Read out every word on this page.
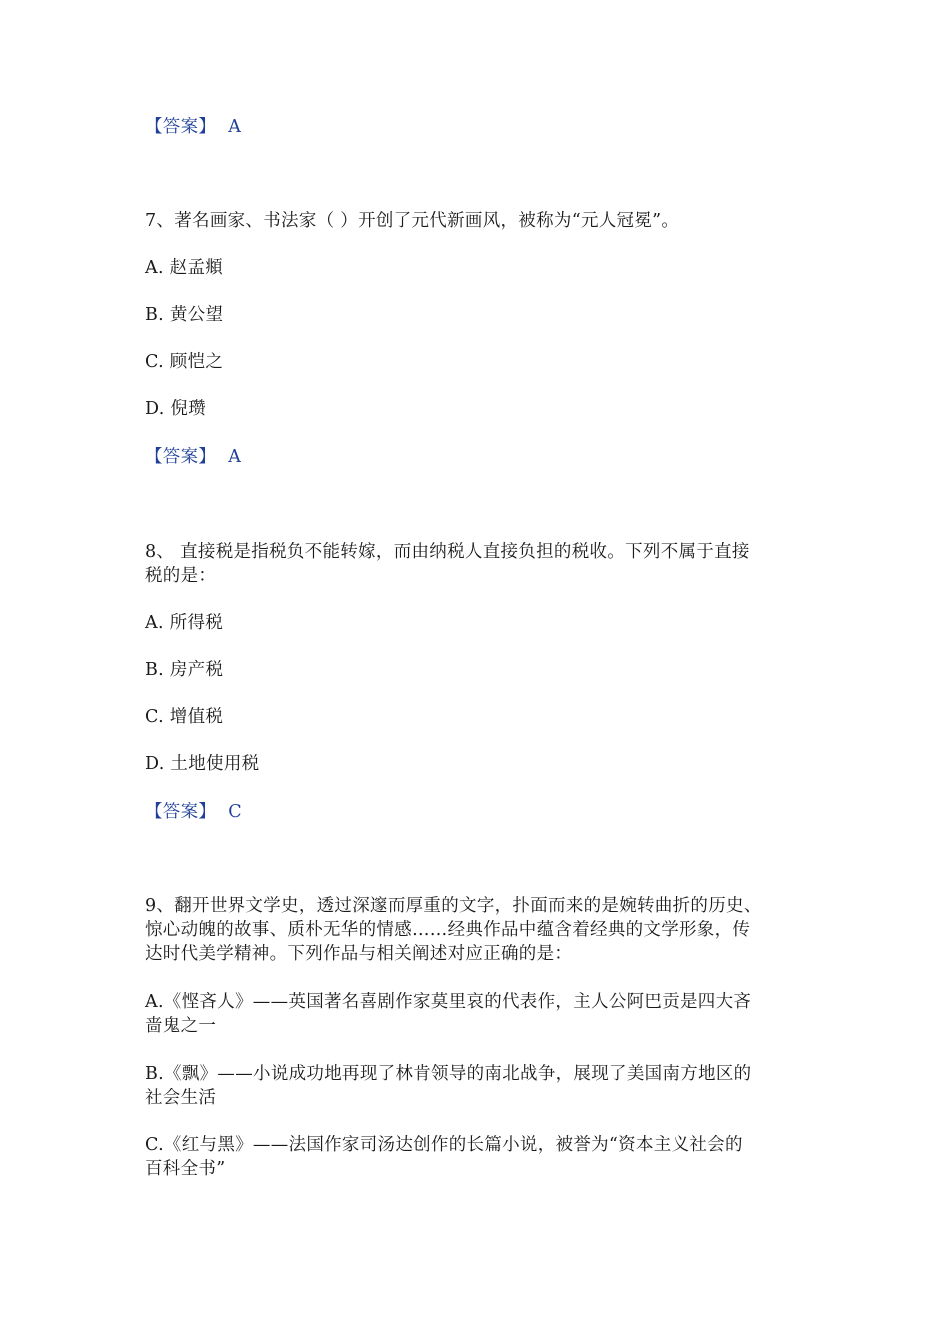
【答案】 A
7、著名画家、书法家（ ）开创了元代新画风，被称为“元人冠冕”。
A. 赵孟頫
B. 黄公望
C. 顾恺之
D. 倪瓒
【答案】 A
8、 直接税是指税负不能转嫁，而由纳税人直接负担的税收。下列不属于直接
税的是：
A. 所得税
B. 房产税
C. 增值税
D. 土地使用税
【答案】 C
9、翻开世界文学史，透过深邃而厚重的文字，扑面而来的是婉转曲折的历史、
惊心动魄的故事、质朴无华的情感……经典作品中蕴含着经典的文学形象，传
达时代美学精神。下列作品与相关阐述对应正确的是：
A.《悭吝人》——英国著名喜剧作家莫里哀的代表作，主人公阿巴贡是四大吝
啬鬼之一
B.《飘》——小说成功地再现了林肯领导的南北战争，展现了美国南方地区的
社会生活
C.《红与黑》——法国作家司汤达创作的长篇小说，被誉为“资本主义社会的
百科全书”
